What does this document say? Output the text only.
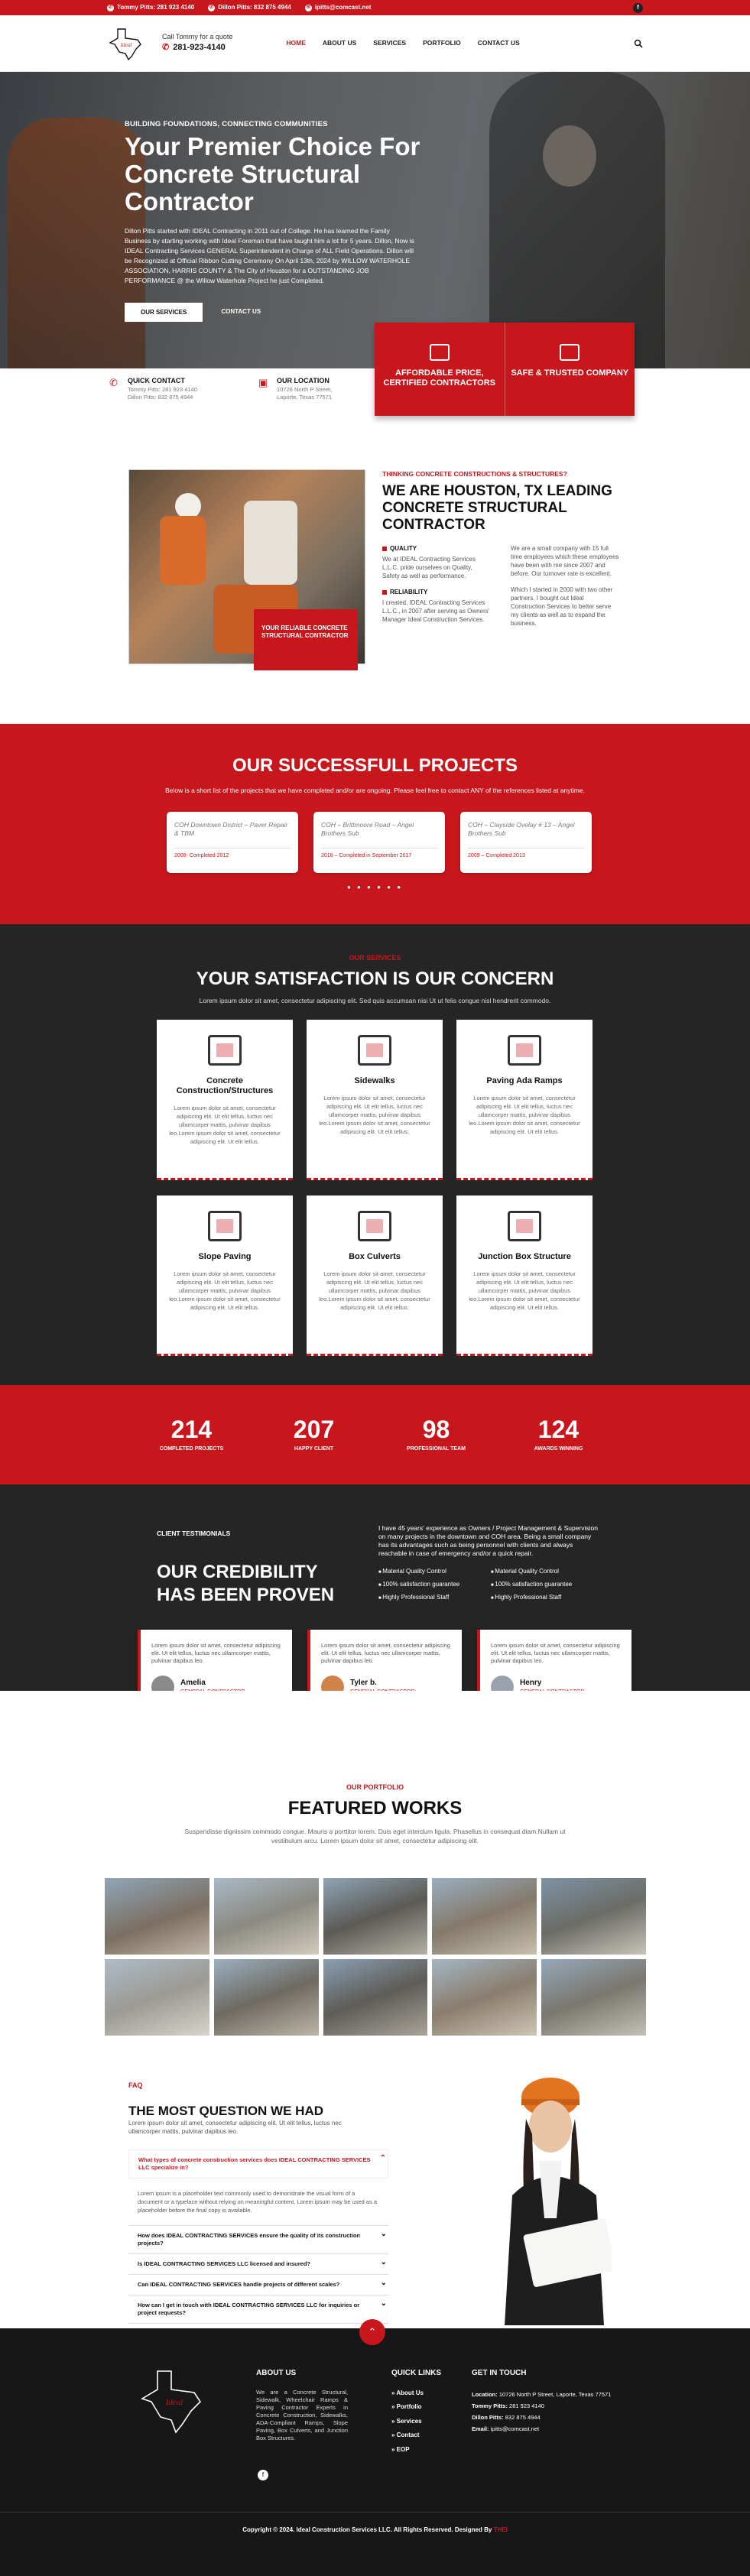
✆ Tommy Pitts: 281 923 4140	✆ Dillon Pitts: 832 875 4944	✉ ipitts@comcast.net	f
Ideal
Call Tommy for a quote
✆ 281-923-4140	HOME	ABOUT US	SERVICES	PORTFOLIO	CONTACT US
BUILDING FOUNDATIONS, CONNECTING COMMUNITIES
Your Premier Choice For Concrete Structural Contractor

Dillon Pitts started with IDEAL Contracting in 2011 out of College. He has learned the Family Business by starting working with Ideal Foreman that have taught him a lot for 5 years. Dillon, Now is IDEAL Contracting Services GENERAL Superintendent in Charge of ALL Field Operations. Dillon will be Recognized at Official Ribbon Cutting Ceremony On April 13th, 2024 by WILLOW WATERHOLE ASSOCIATION, HARRIS COUNTY & The City of Houston for a OUTSTANDING JOB PERFORMANCE @ the Willow Waterhole Project he just Completed.

OUR SERVICES	CONTACT US
✆	QUICK CONTACT
Tommy Pitts: 281 923 4140
Dillon Pitts: 832 875 4944
▣	OUR LOCATION
10726 North P Street,
Laporte, Texas 77571
AFFORDABLE PRICE, CERTIFIED CONTRACTORS
SAFE & TRUSTED COMPANY
YOUR RELIABLE CONCRETE STRUCTURAL CONTRACTOR
THINKING CONCRETE CONSTRUCTIONS & STRUCTURES?
WE ARE HOUSTON, TX LEADING CONCRETE STRUCTURAL CONTRACTOR
QUALITY
We at IDEAL Contracting Services L.L.C. pride ourselves on Quality, Safety as well as performance.
RELIABILITY
I created, IDEAL Contracting Services L.L.C., in 2007 after serving as Owners' Manager Ideal Construction Services.
We are a small company with 15 full time employees which these employees have been with me since 2007 and before. Our turnover rate is excellent.
Which I started in 2000 with two other partners. I bought out Ideal Construction Services to better serve my clients as well as to expand the business.
OUR SUCCESSFULL PROJECTS
Below is a short list of the projects that we have completed and/or are ongoing. Please feel free to contact ANY of the references listed at anytime.
COH Downtown District – Paver Repair & TBM
2008- Completed 2012
COH – Brittmoore Road – Angel Brothers Sub
2016 – Completed in September 2017
COH – Clayside Ovelay # 13 – Angel Brothers Sub
2009 – Completed 2013
● ● ● ● ● ●
OUR SERVICES
YOUR SATISFACTION IS OUR CONCERN
Lorem ipsum dolor sit amet, consectetur adipiscing elit. Sed quis accumsan nisi Ut ut felis congue nisl hendrerit commodo.
Concrete Construction/Structures
Lorem ipsum dolor sit amet, consectetur adipiscing elit. Ut elit tellus, luctus nec ullamcorper mattis, pulvinar dapibus leo.Lorem ipsum dolor sit amet, consectetur adipiscing elit. Ut elit tellus.
Sidewalks
Lorem ipsum dolor sit amet, consectetur adipiscing elit. Ut elit tellus, luctus nec ullamcorper mattis, pulvinar dapibus leo.Lorem ipsum dolor sit amet, consectetur adipiscing elit. Ut elit tellus.
Paving Ada Ramps
Lorem ipsum dolor sit amet, consectetur adipiscing elit. Ut elit tellus, luctus nec ullamcorper mattis, pulvinar dapibus leo.Lorem ipsum dolor sit amet, consectetur adipiscing elit. Ut elit tellus.
Slope Paving
Lorem ipsum dolor sit amet, consectetur adipiscing elit. Ut elit tellus, luctus nec ullamcorper mattis, pulvinar dapibus leo.Lorem ipsum dolor sit amet, consectetur adipiscing elit. Ut elit tellus.
Box Culverts
Lorem ipsum dolor sit amet, consectetur adipiscing elit. Ut elit tellus, luctus nec ullamcorper mattis, pulvinar dapibus leo.Lorem ipsum dolor sit amet, consectetur adipiscing elit. Ut elit tellus.
Junction Box Structure
Lorem ipsum dolor sit amet, consectetur adipiscing elit. Ut elit tellus, luctus nec ullamcorper mattis, pulvinar dapibus leo.Lorem ipsum dolor sit amet, consectetur adipiscing elit. Ut elit tellus.
214
COMPLETED PROJECTS
207
HAPPY CLIENT
98
PROFESSIONAL TEAM
124
AWARDS WINNING
CLIENT TESTIMONIALS
OUR CREDIBILITY HAS BEEN PROVEN
I have 45 years' experience as Owners / Project Management & Supervision on many projects in the downtown and COH area. Being a small company has its advantages such as being personnel with clients and always reachable in case of emergency and/or a quick repair.
■ Material Quality Control	■ Material Quality Control
■ 100% satisfaction guarantee	■ 100% satisfaction guarantee
■ Highly Professional Staff	■ Highly Professional Staff
Lorem ipsum dolor sit amet, consectetur adipiscing elit. Ut elit tellus, luctus nec ullamcorper mattis, pulvinar dapibus leo.
Amelia
Lorem ipsum dolor sit amet, consectetur adipiscing elit. Ut elit tellus, luctus nec ullamcorper mattis, pulvinar dapibus leo.
Tyler b.
Lorem ipsum dolor sit amet, consectetur adipiscing elit. Ut elit tellus, luctus nec ullamcorper mattis, pulvinar dapibus leo.
Henry
OUR PORTFOLIO
FEATURED WORKS
Suspendisse dignissim commodo congue. Mauris a porttitor lorem. Duis eget interdum ligula. Phasellus in consequat diam.Nullam ut vestibulum arcu. Lorem ipsum dolor sit amet, consectetur adipiscing elit.
FAQ
THE MOST QUESTION WE HAD
Lorem ipsum dolor sit amet, consectetur adipiscing elit. Ut elit tellus, luctus nec ullamcorper mattis, pulvinar dapibus leo.
What types of concrete construction services does IDEAL CONTRACTING SERVICES LLC specialize in? ⌃
Lorem ipsum is a placeholder text commonly used to demonstrate the visual form of a document or a typeface without relying on meaningful content. Lorem ipsum may be used as a placeholder before the final copy is available.
How does IDEAL CONTRACTING SERVICES ensure the quality of its construction projects? ⌄
Is IDEAL CONTRACTING SERVICES LLC licensed and insured? ⌄
Can IDEAL CONTRACTING SERVICES handle projects of different scales? ⌄
How can I get in touch with IDEAL CONTRACTING SERVICES LLC for inquiries or project requests? ⌄
⌃
Ideal
ABOUT US
We are a Concrete Structural, Sidewalk, Wheelchair Ramps & Paving Contractor Experts in Concrete Construction, Sidewalks, ADA-Compliant Ramps, Slope Paving, Box Culverts, and Junction Box Structures.
f
QUICK LINKS
» About Us
» Portfolio
» Services
» Contact
» EOP
GET IN TOUCH
Location: 10726 North P Street, Laporte, Texas 77571
Tommy Pitts: 281 923 4140
Dillon Pitts: 832 875 4944
Email: ipitts@comcast.net
Copyright © 2024. Ideal Construction Services LLC. All Rights Reserved. Designed By THEI
